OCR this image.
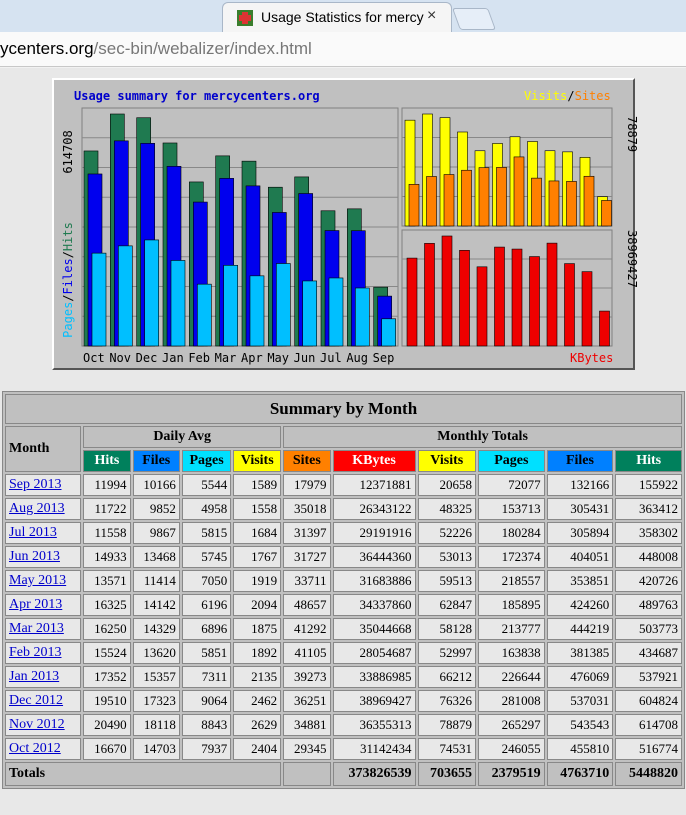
Usage Statistics for mercy ×
ycenters.org/sec-bin/webalizer/index.html
Usage summary for mercycenters.org
Oct Nov Dec Jan Feb Mar Apr May Jun Jul Aug Sep
614708
Pages/Files/Hits
Visits/Sites
78879
38969427
KBytes
Summary by Month										
Month	Daily Avg				Monthly Totals					
	Hits	Files	Pages	Visits	Sites	KBytes	Visits	Pages	Files	Hits
Sep 2013	11994	10166	5544	1589	17979	12371881	20658	72077	132166	155922
Aug 2013	11722	9852	4958	1558	35018	26343122	48325	153713	305431	363412
Jul 2013	11558	9867	5815	1684	31397	29191916	52226	180284	305894	358302
Jun 2013	14933	13468	5745	1767	31727	36444360	53013	172374	404051	448008
May 2013	13571	11414	7050	1919	33711	31683886	59513	218557	353851	420726
Apr 2013	16325	14142	6196	2094	48657	34337860	62847	185895	424260	489763
Mar 2013	16250	14329	6896	1875	41292	35044668	58128	213777	444219	503773
Feb 2013	15524	13620	5851	1892	41105	28054687	52997	163838	381385	434687
Jan 2013	17352	15357	7311	2135	39273	33886985	66212	226644	476069	537921
Dec 2012	19510	17323	9064	2462	36251	38969427	76326	281008	537031	604824
Nov 2012	20490	18118	8843	2629	34881	36355313	78879	265297	543543	614708
Oct 2012	16670	14703	7937	2404	29345	31142434	74531	246055	455810	516774
Totals						373826539	703655	2379519	4763710	5448820
